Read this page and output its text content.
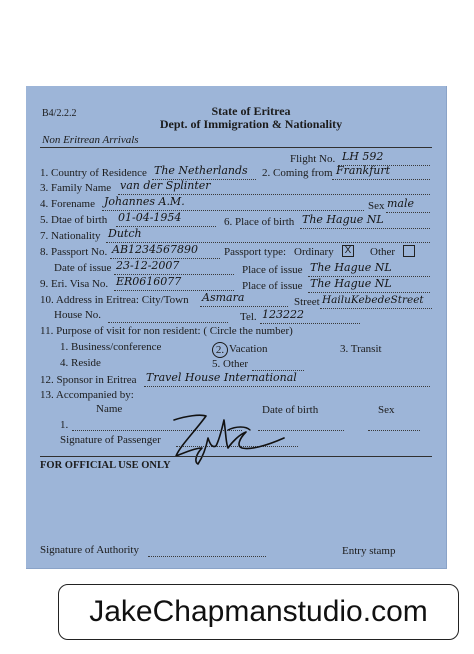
B4/2.2.2	State of Eritrea
Dept. of Immigration & Nationality
Non Eritrean Arrivals
Flight No. LH 592
1. Country of Residence The Netherlands 2. Coming from Frankfurt
3. Family Name van der Splinter
4. Forename Johannes A.M.	Sex male
5. Dtae of birth 01-04-1954	6. Place of birth The Hague NL
7. Nationality Dutch
8. Passport No. AB1234567890 Passport type: Ordinary X Other
Date of issue 23-12-2007	Place of issue The Hague NL
9. Eri. Visa No. ER0616077	Place of issue The Hague NL
10. Address in Eritrea: City/Town Asmara	Street HailuKebedeStreet
House No.	Tel. 123222
11. Purpose of visit for non resident: ( Circle the number)
1. Business/conference	2. Vacation	3. Transit
4. Reside	5. Other
12. Sponsor in Eritrea Travel House International
13. Accompanied by:
Name	Date of birth	Sex
1.
Signature of Passenger
FOR OFFICIAL USE ONLY
Signature of Authority	Entry stamp
JakeChapmanstudio.com
